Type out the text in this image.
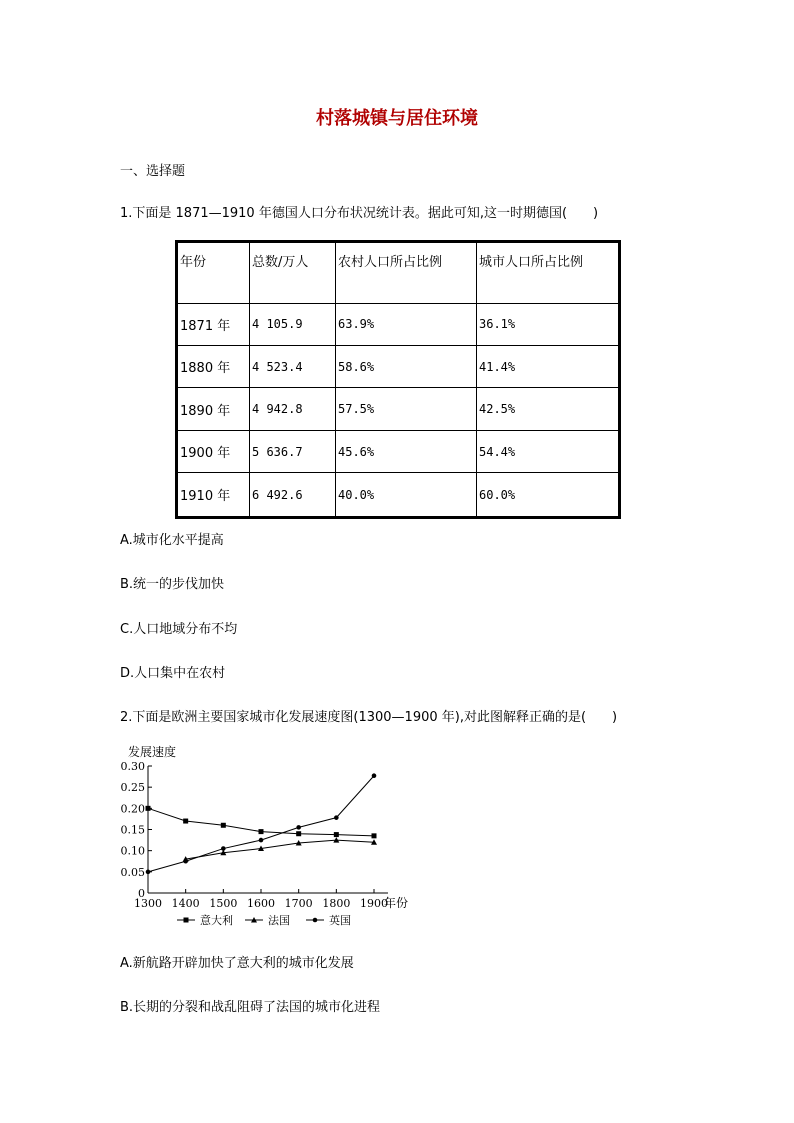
村落城镇与居住环境
一、选择题
1.下面是 1871—1910 年德国人口分布状况统计表。据此可知,这一时期德国(　　)
年份	总数/万人	农村人口所占比例	城市人口所占比例
1871 年	4 105.9	63.9%	36.1%
1880 年	4 523.4	58.6%	41.4%
1890 年	4 942.8	57.5%	42.5%
1900 年	5 636.7	45.6%	54.4%
1910 年	6 492.6	40.0%	60.0%
A.城市化水平提高
B.统一的步伐加快
C.人口地域分布不均
D.人口集中在农村
2.下面是欧洲主要国家城市化发展速度图(1300—1900 年),对此图解释正确的是(　　)
0
0.05
0.10
0.15
0.20
0.25
0.30
1300 1400 1500 1600 1700 1800 1900
发展速度
年份
意大利	法国	英国
A.新航路开辟加快了意大利的城市化发展
B.长期的分裂和战乱阻碍了法国的城市化进程
